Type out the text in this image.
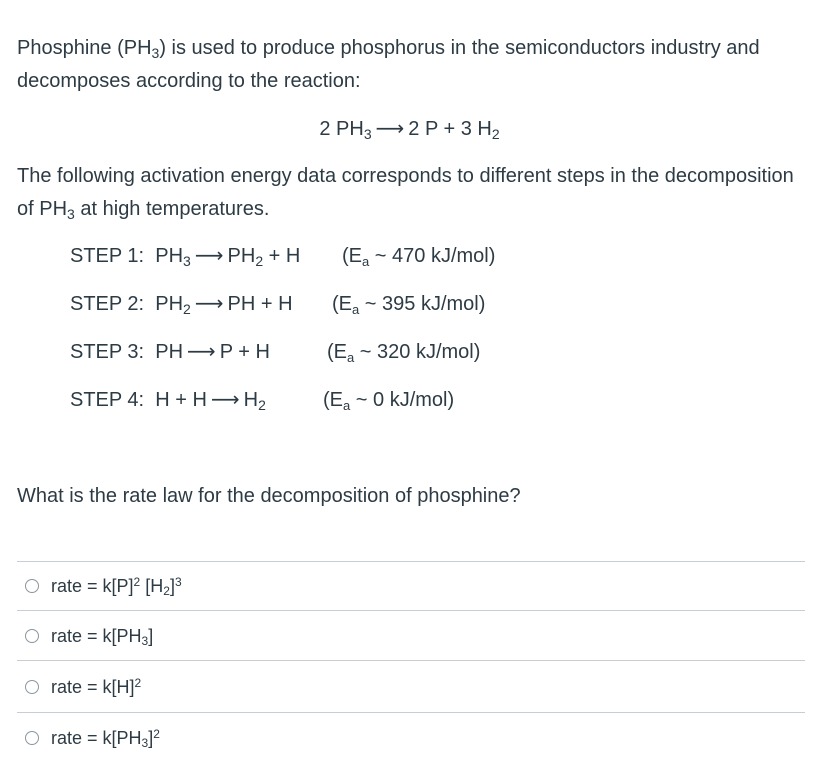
Phosphine $(PH_3)$ is used to produce phosphorus in the semiconductors industry and decomposes according to the reaction:
2 $PH_3$ ⟶ 2 P + 3 $H_2$
The following activation energy data corresponds to different steps in the decomposition of $PH_3$ at high temperatures.
STEP 1: $PH_3$ ⟶ $PH_2 + H$ ($E_a$ ~ 470 kJ/mol)
STEP 2: $PH_2$ ⟶ PH + H ($E_a$ ~ 395 kJ/mol)
STEP 3: PH ⟶ P + H	($E_a$ ~ 320 kJ/mol)
STEP 4: H + H ⟶ $H_2$	($E_a$ ~ 0 kJ/mol)
What is the rate law for the decomposition of phosphine?
rate = $k[P]^2$ $[H_2]^3$
rate = $k[PH_3]$
rate = $k[H]^2$
rate = $k[PH_3]^2$
